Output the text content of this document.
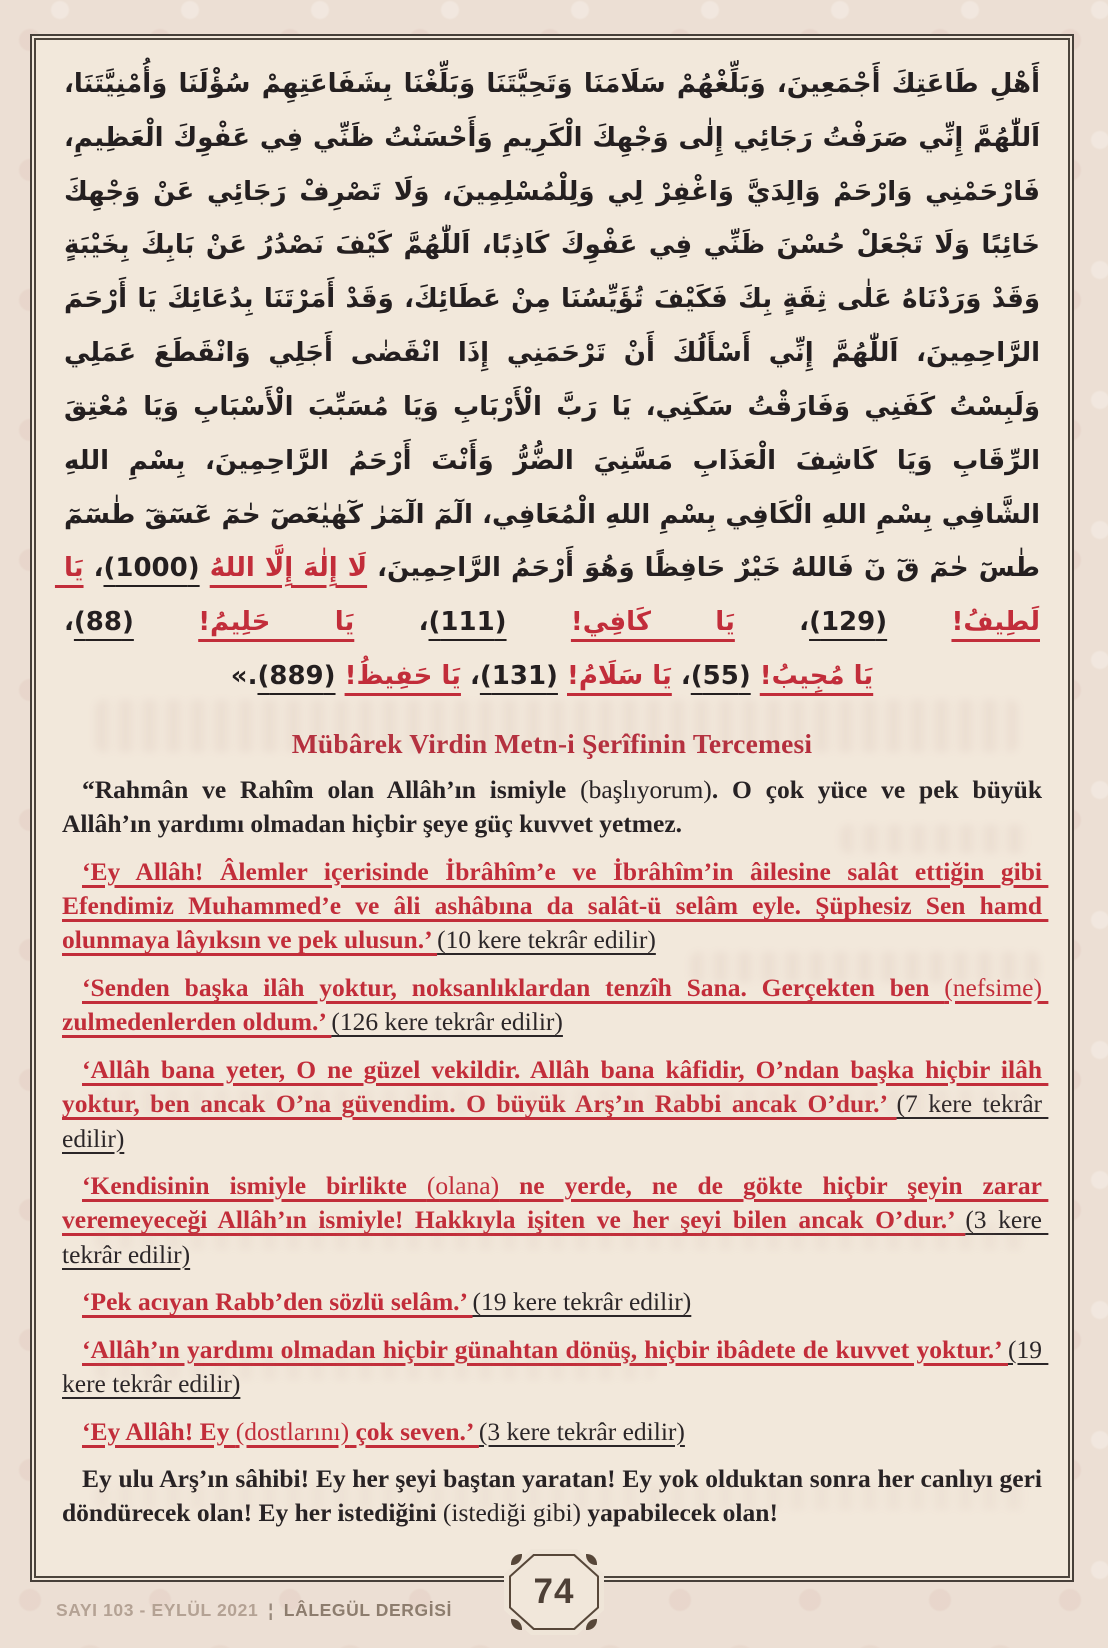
أَهْلِ طَاعَتِكَ أَجْمَعِينَ، وَبَلِّغْهُمْ سَلَامَنَا وَتَحِيَّتَنَا وَبَلِّغْنَا بِشَفَاعَتِهِمْ سُؤْلَنَا وَأُمْنِيَّتَنَا، اَللّٰهُمَّ إِنِّي صَرَفْتُ رَجَائِي إِلٰى وَجْهِكَ الْكَرِيمِ وَأَحْسَنْتُ ظَنِّي فِي عَفْوِكَ الْعَظِيمِ، فَارْحَمْنِي وَارْحَمْ وَالِدَيَّ وَاغْفِرْ لِي وَلِلْمُسْلِمِينَ، وَلَا تَصْرِفْ رَجَائِي عَنْ وَجْهِكَ خَائِبًا وَلَا تَجْعَلْ حُسْنَ ظَنِّي فِي عَفْوِكَ كَاذِبًا، اَللّٰهُمَّ كَيْفَ نَصْدُرُ عَنْ بَابِكَ بِخَيْبَةٍ وَقَدْ وَرَدْنَاهُ عَلٰى ثِقَةٍ بِكَ فَكَيْفَ تُؤَيِّسُنَا مِنْ عَطَائِكَ، وَقَدْ أَمَرْتَنَا بِدُعَائِكَ يَا أَرْحَمَ الرَّاحِمِينَ، اَللّٰهُمَّ إِنِّي أَسْأَلُكَ أَنْ تَرْحَمَنِي إِذَا انْقَضٰى أَجَلِي وَانْقَطَعَ عَمَلِي وَلَبِسْتُ كَفَنِي وَفَارَقْتُ سَكَنِي، يَا رَبَّ الْأَرْبَابِ وَيَا مُسَبِّبَ الْأَسْبَابِ وَيَا مُعْتِقَ الرِّقَابِ وَيَا كَاشِفَ الْعَذَابِ مَسَّنِيَ الضُّرُّ وَأَنْتَ أَرْحَمُ الرَّاحِمِينَ، بِسْمِ اللهِ الشَّافِي بِسْمِ اللهِ الْكَافِي بِسْمِ اللهِ الْمُعَافِي، الٓمٓ الٓمٓرٰ كٓهٰيٰعٓصٓ حٰمٓ عٓسٓقٓ طٰسٓمٓ طٰسٓ حٰمٓ قٓ نٓ فَاللهُ خَيْرٌ حَافِظًا وَهُوَ أَرْحَمُ الرَّاحِمِينَ، لَا إِلٰهَ إِلَّا اللهُ (1000)، يَا لَطِيفُ! (129)، يَا كَافِي! (111)، يَا حَلِيمُ! (88)،
يَا مُجِيبُ! (55)، يَا سَلَامُ! (131)، يَا حَفِيظُ! (889).»
Mübârek Virdin Metn-i Şerîfinin Tercemesi

“Rahmân ve Rahîm olan Allâh’ın ismiyle (başlıyorum). O çok yüce ve pek büyük Allâh’ın yardımı olmadan hiçbir şeye güç kuvvet yetmez.

‘Ey Allâh! Âlemler içerisinde İbrâhîm’e ve İbrâhîm’in âilesine salât ettiğin gibi Efendimiz Muhammed’e ve âli ashâbına da salât-ü selâm eyle. Şüphesiz Sen hamd olunmaya lâyıksın ve pek ulusun.’ (10 kere tekrâr edilir)

‘Senden başka ilâh yoktur, noksanlıklardan tenzîh Sana. Gerçekten ben (nefsime) zulmedenlerden oldum.’ (126 kere tekrâr edilir)

‘Allâh bana yeter, O ne güzel vekildir. Allâh bana kâfidir, O’ndan başka hiçbir ilâh yoktur, ben ancak O’na güvendim. O büyük Arş’ın Rabbi ancak O’dur.’ (7 kere tekrâr edilir)

‘Kendisinin ismiyle birlikte (olana) ne yerde, ne de gökte hiçbir şeyin zarar veremeyeceği Allâh’ın ismiyle! Hakkıyla işiten ve her şeyi bilen ancak O’dur.’ (3 kere tekrâr edilir)

‘Pek acıyan Rabb’den sözlü selâm.’ (19 kere tekrâr edilir)

‘Allâh’ın yardımı olmadan hiçbir günahtan dönüş, hiçbir ibâdete de kuvvet yoktur.’ (19 kere tekrâr edilir)

‘Ey Allâh! Ey (dostlarını) çok seven.’ (3 kere tekrâr edilir)

Ey ulu Arş’ın sâhibi! Ey her şeyi baştan yaratan! Ey yok olduktan sonra her canlıyı geri döndürecek olan! Ey her istediğini (istediği gibi) yapabilecek olan!

74
SAYI 103 - EYLÜL 2021 ¦ LÂLEGÜL DERGİSİ
